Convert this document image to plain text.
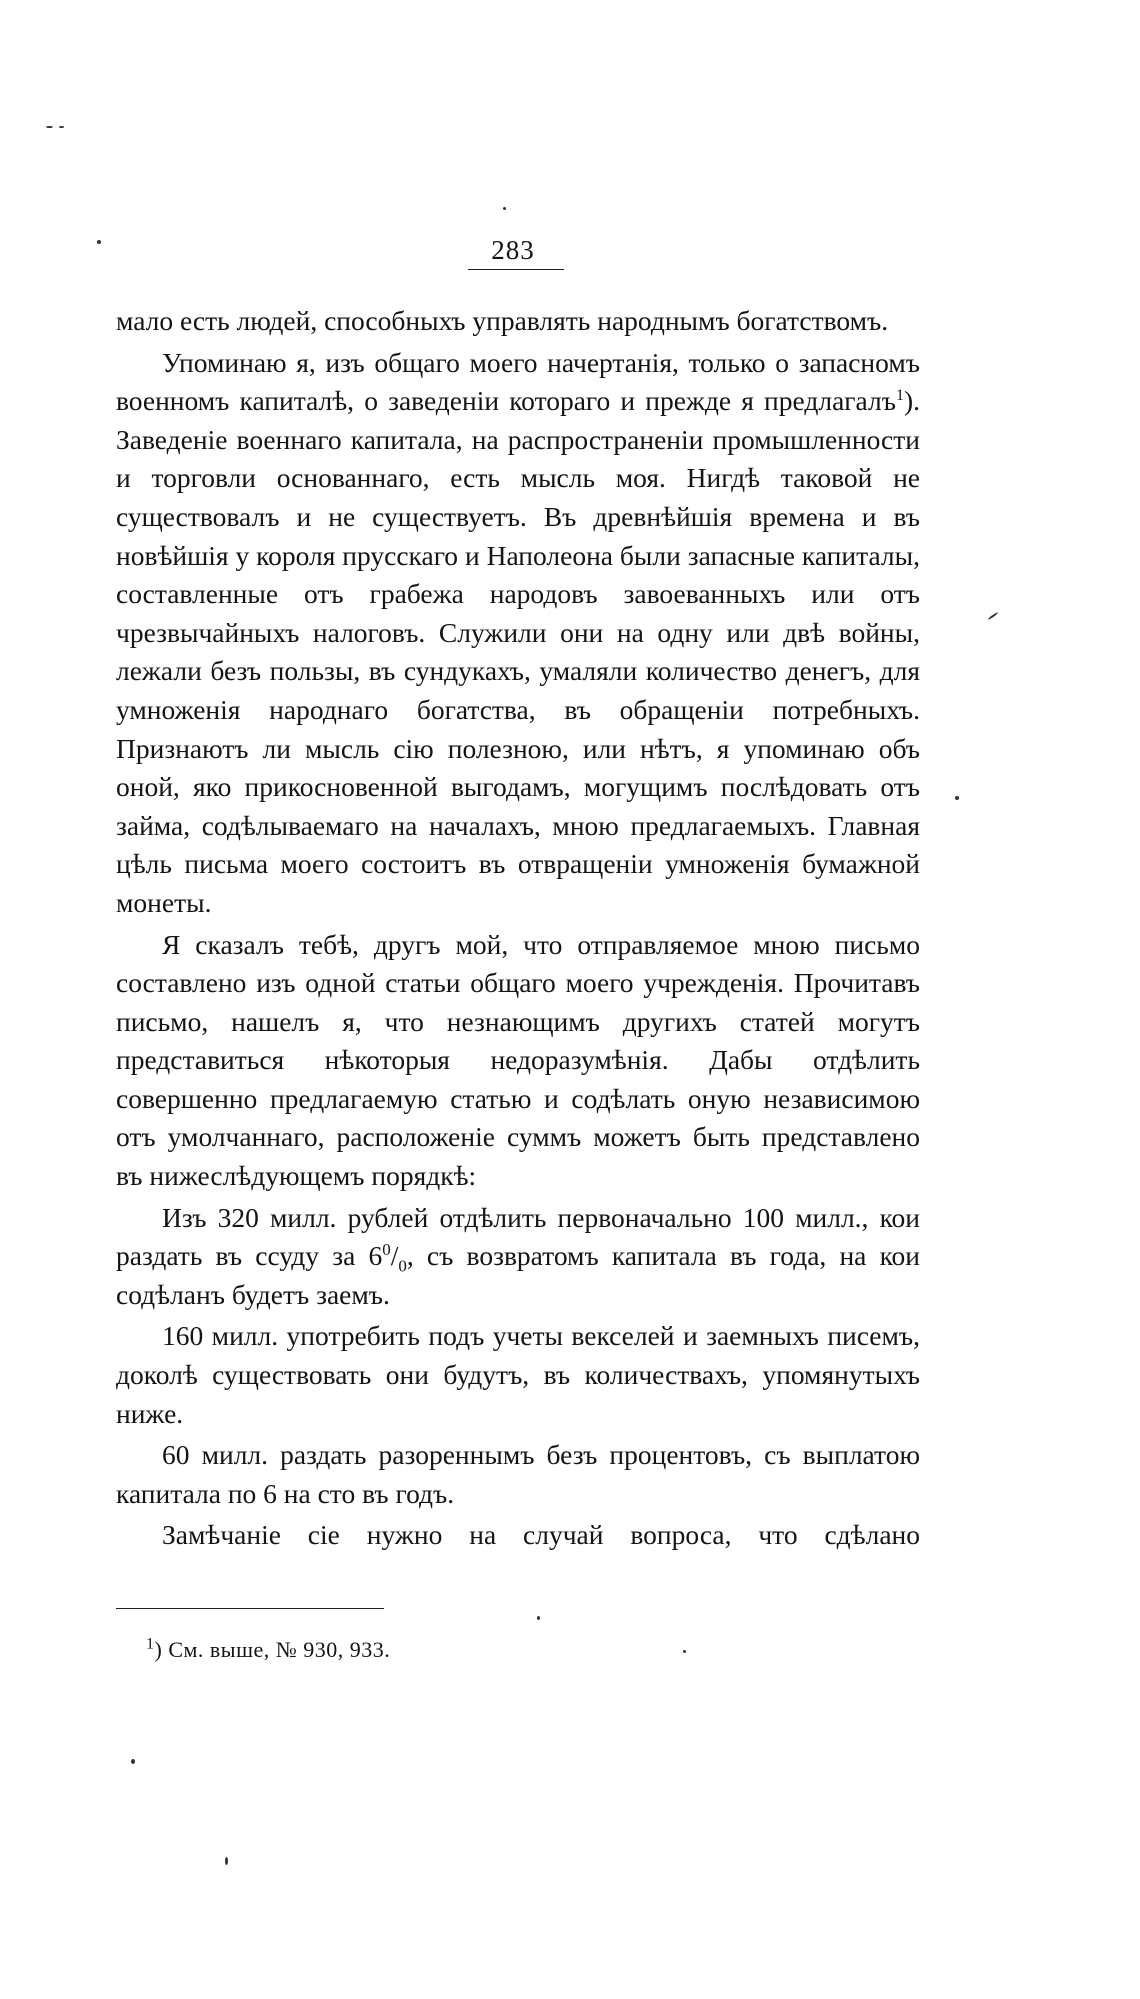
283

мало есть людей, способныхъ управлять народнымъ богатствомъ.

Упоминаю я, изъ общаго моего начертанія, только о запасномъ военномъ капиталѣ, о заведеніи котораго и прежде я предлагалъ$^1$). Заведеніе военнаго капитала, на распространеніи промышленности и торговли основаннаго, есть мысль моя. Нигдѣ таковой не существовалъ и не существуетъ. Въ древнѣйшія времена и въ новѣйшія у короля прусскаго и Наполеона были запасные капиталы, составленные отъ грабежа народовъ завоеванныхъ или отъ чрезвычайныхъ налоговъ. Служили они на одну или двѣ войны, лежали безъ пользы, въ сундукахъ, умаляли количество денегъ, для умноженія народнаго богатства, въ обращеніи потребныхъ. Признаютъ ли мысль сію полезною, или нѣтъ, я упоминаю объ оной, яко прикосновенной выгодамъ, могущимъ послѣдовать отъ займа, содѣлываемаго на началахъ, мною предлагаемыхъ. Главная цѣль письма моего состоитъ въ отвращеніи умноженія бумажной монеты.

Я сказалъ тебѣ, другъ мой, что отправляемое мною письмо составлено изъ одной статьи общаго моего учрежденія. Прочитавъ письмо, нашелъ я, что незнающимъ другихъ статей могутъ представиться нѣкоторыя недоразумѣнія. Дабы отдѣлить совершенно предлагаемую статью и содѣлать оную независимою отъ умолчаннаго, расположеніе суммъ можетъ быть представлено въ нижеслѣдующемъ порядкѣ:

Изъ 320 милл. рублей отдѣлить первоначально 100 милл., кои раздать въ ссуду за $6^0/_0$, съ возвратомъ капитала въ года, на кои содѣланъ будетъ заемъ.

160 милл. употребить подъ учеты векселей и заемныхъ писемъ, доколѣ существовать они будутъ, въ количествахъ, упомянутыхъ ниже.

60 милл. раздать разореннымъ безъ процентовъ, съ выплатою капитала по 6 на сто въ годъ.

Замѣчаніе сіе нужно на случай вопроса, что сдѣлано

$^1$) См. выше, № 930, 933.
